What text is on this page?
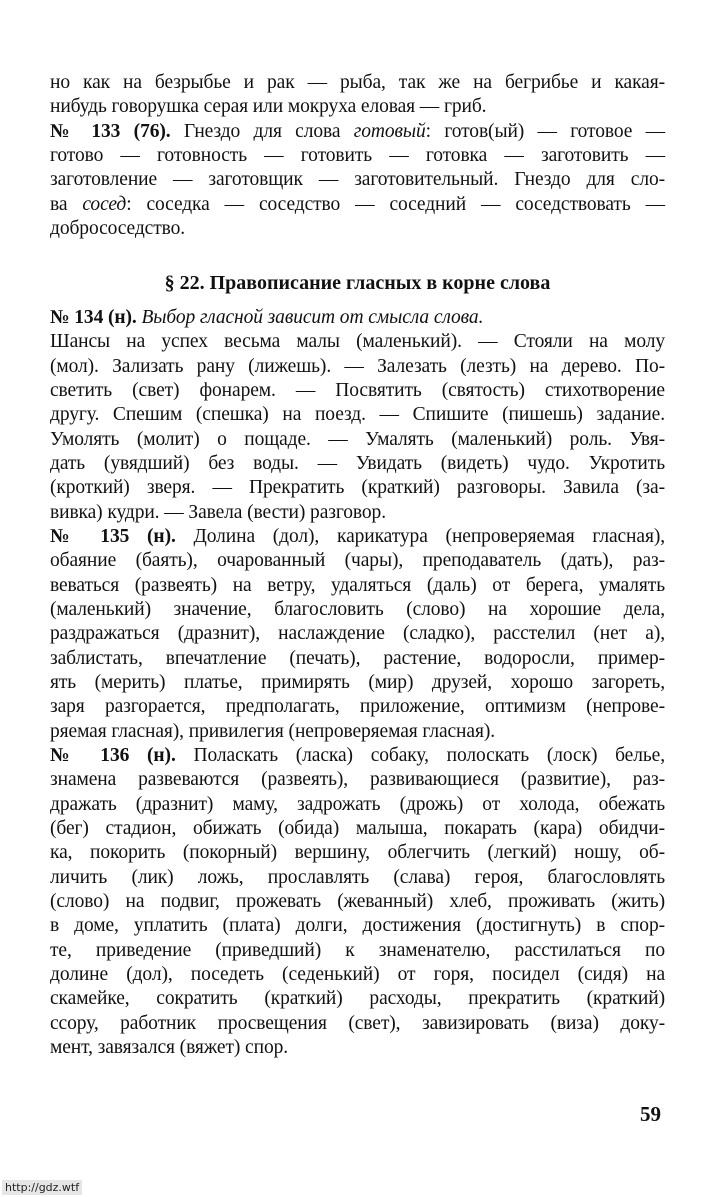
но как на безрыбье и рак — рыба, так же на бегрибье и какая-
нибудь говорушка серая или мокруха еловая — гриб.
№ 133 (76). Гнездо для слова готовый: готов(ый) — готовое —
готово — готовность — готовить — готовка — заготовить —
заготовление — заготовщик — заготовительный. Гнездо для сло-
ва сосед: соседка — соседство — соседний — соседствовать —
добрососедство.
§ 22. Правописание гласных в корне слова
№ 134 (н). Выбор гласной зависит от смысла слова.
Шансы на успех весьма малы (маленький). — Стояли на молу
(мол). Зализать рану (лижешь). — Залезать (лезть) на дерево. По-
светить (свет) фонарем. — Посвятить (святость) стихотворение
другу. Спешим (спешка) на поезд. — Спишите (пишешь) задание.
Умолять (молит) о пощаде. — Умалять (маленький) роль. Увя-
дать (увядший) без воды. — Увидать (видеть) чудо. Укротить
(кроткий) зверя. — Прекратить (краткий) разговоры. Завила (за-
вивка) кудри. — Завела (вести) разговор.
№ 135 (н). Долина (дол), карикатура (непроверяемая гласная),
обаяние (баять), очарованный (чары), преподаватель (дать), раз-
веваться (развеять) на ветру, удаляться (даль) от берега, умалять
(маленький) значение, благословить (слово) на хорошие дела,
раздражаться (дразнит), наслаждение (сладко), расстелил (нет а),
заблистать, впечатление (печать), растение, водоросли, пример-
ять (мерить) платье, примирять (мир) друзей, хорошо загореть,
заря разгорается, предполагать, приложение, оптимизм (непрове-
ряемая гласная), привилегия (непроверяемая гласная).
№ 136 (н). Поласкать (ласка) собаку, полоскать (лоск) белье,
знамена развеваются (развеять), развивающиеся (развитие), раз-
дражать (дразнит) маму, задрожать (дрожь) от холода, обежать
(бег) стадион, обижать (обида) малыша, покарать (кара) обидчи-
ка, покорить (покорный) вершину, облегчить (легкий) ношу, об-
личить (лик) ложь, прославлять (слава) героя, благословлять
(слово) на подвиг, прожевать (жеванный) хлеб, проживать (жить)
в доме, уплатить (плата) долги, достижения (достигнуть) в спор-
те, приведение (приведший) к знаменателю, расстилаться по
долине (дол), поседеть (седенький) от горя, посидел (сидя) на
скамейке, сократить (краткий) расходы, прекратить (краткий)
ссору, работник просвещения (свет), завизировать (виза) доку-
мент, завязался (вяжет) спор.
59
http://gdz.wtf
